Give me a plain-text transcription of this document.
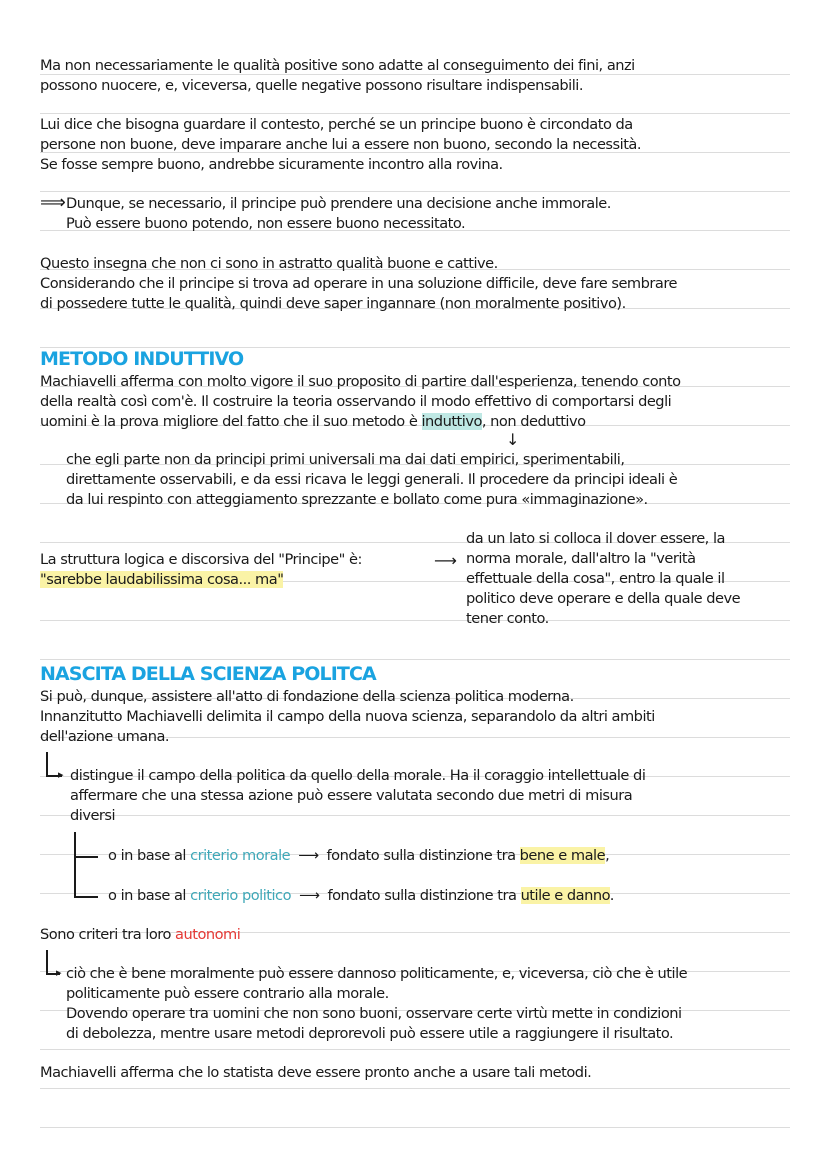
Ma non necessariamente le qualità positive sono adatte al conseguimento dei fini, anzi
possono nuocere, e, viceversa, quelle negative possono risultare indispensabili.
Lui dice che bisogna guardare il contesto, perché se un principe buono è circondato da
persone non buone, deve imparare anche lui a essere non buono, secondo la necessità.
Se fosse sempre buono, andrebbe sicuramente incontro alla rovina.
⟹ Dunque, se necessario, il principe può prendere una decisione anche immorale.
Può essere buono potendo, non essere buono necessitato.
Questo insegna che non ci sono in astratto qualità buone e cattive.
Considerando che il principe si trova ad operare in una soluzione difficile, deve fare sembrare
di possedere tutte le qualità, quindi deve saper ingannare (non moralmente positivo).
METODO INDUTTIVO
Machiavelli afferma con molto vigore il suo proposito di partire dall'esperienza, tenendo conto
della realtà così com'è. Il costruire la teoria osservando il modo effettivo di comportarsi degli
uomini è la prova migliore del fatto che il suo metodo è induttivo, non deduttivo
↓
che egli parte non da principi primi universali ma dai dati empirici, sperimentabili,
direttamente osservabili, e da essi ricava le leggi generali. Il procedere da principi ideali è
da lui respinto con atteggiamento sprezzante e bollato come pura «immaginazione».
La struttura logica e discorsiva del "Principe" è:
"sarebbe laudabilissima cosa... ma"
⟶
da un lato si colloca il dover essere, la
norma morale, dall'altro la "verità
effettuale della cosa", entro la quale il
politico deve operare e della quale deve
tener conto.
NASCITA DELLA SCIENZA POLITCA
Si può, dunque, assistere all'atto di fondazione della scienza politica moderna.
Innanzitutto Machiavelli delimita il campo della nuova scienza, separandolo da altri ambiti
dell'azione umana.
▸ distingue il campo della politica da quello della morale. Ha il coraggio intellettuale di
affermare che una stessa azione può essere valutata secondo due metri di misura
diversi
o in base al criterio morale ⟶ fondato sulla distinzione tra bene e male,
o in base al criterio politico ⟶ fondato sulla distinzione tra utile e danno.
Sono criteri tra loro autonomi
▸ ciò che è bene moralmente può essere dannoso politicamente, e, viceversa, ciò che è utile
politicamente può essere contrario alla morale.
Dovendo operare tra uomini che non sono buoni, osservare certe virtù mette in condizioni
di debolezza, mentre usare metodi deprorevoli può essere utile a raggiungere il risultato.
Machiavelli afferma che lo statista deve essere pronto anche a usare tali metodi.
